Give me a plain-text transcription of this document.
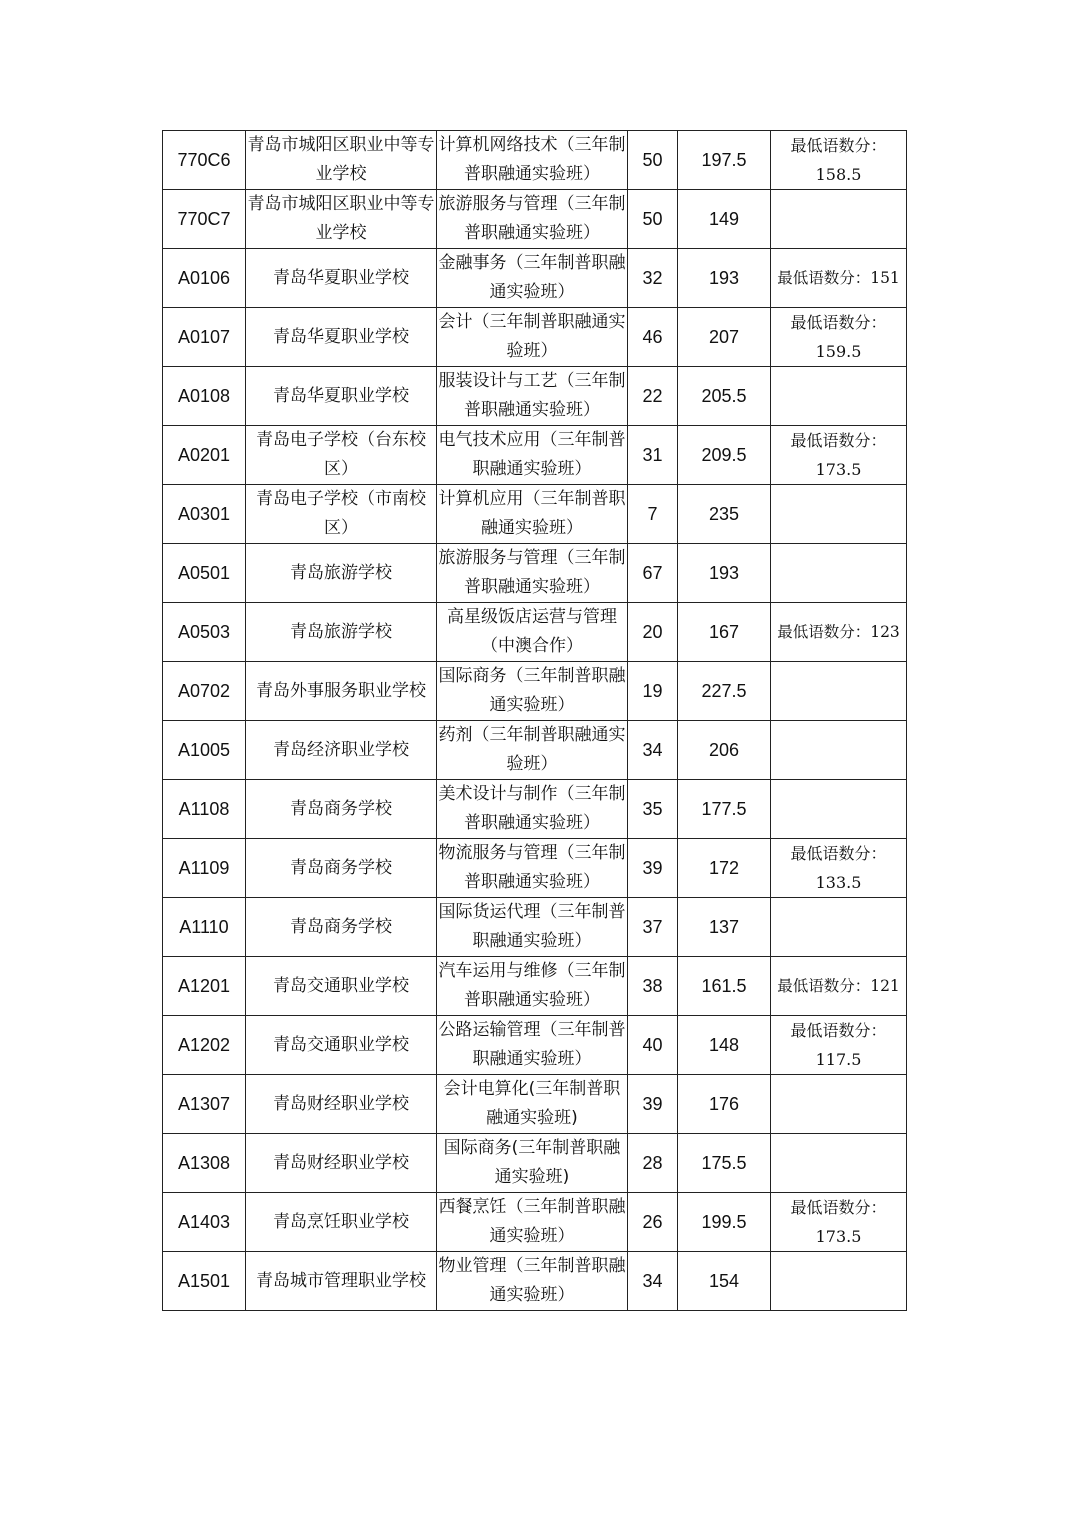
770C6	青岛市城阳区职业中等专业学校	计算机网络技术（三年制普职融通实验班）	50	197.5	最低语数分：
158.5

770C7	青岛市城阳区职业中等专业学校	旅游服务与管理（三年制普职融通实验班）	50	149	
A0106	青岛华夏职业学校	金融事务（三年制普职融通实验班）	32	193	最低语数分：151

A0107	青岛华夏职业学校	会计（三年制普职融通实验班）	46	207	最低语数分：
159.5

A0108	青岛华夏职业学校	服装设计与工艺（三年制普职融通实验班）	22	205.5	
A0201	青岛电子学校（台东校区）	电气技术应用（三年制普职融通实验班）	31	209.5	最低语数分：
173.5

A0301	青岛电子学校（市南校区）	计算机应用（三年制普职融通实验班）	7	235	
A0501	青岛旅游学校	旅游服务与管理（三年制普职融通实验班）	67	193	
A0503	青岛旅游学校	高星级饭店运营与管理（中澳合作）	20	167	最低语数分：123

A0702	青岛外事服务职业学校	国际商务（三年制普职融通实验班）	19	227.5	
A1005	青岛经济职业学校	药剂（三年制普职融通实验班）	34	206	
A1108	青岛商务学校	美术设计与制作（三年制普职融通实验班）	35	177.5	
A1109	青岛商务学校	物流服务与管理（三年制普职融通实验班）	39	172	最低语数分：
133.5

A1110	青岛商务学校	国际货运代理（三年制普职融通实验班）	37	137	
A1201	青岛交通职业学校	汽车运用与维修（三年制普职融通实验班）	38	161.5	最低语数分：121

A1202	青岛交通职业学校	公路运输管理（三年制普职融通实验班）	40	148	最低语数分：
117.5

A1307	青岛财经职业学校	会计电算化(三年制普职融通实验班)	39	176	
A1308	青岛财经职业学校	国际商务(三年制普职融通实验班)	28	175.5	
A1403	青岛烹饪职业学校	西餐烹饪（三年制普职融通实验班）	26	199.5	最低语数分：
173.5

A1501	青岛城市管理职业学校	物业管理（三年制普职融通实验班）	34	154	
